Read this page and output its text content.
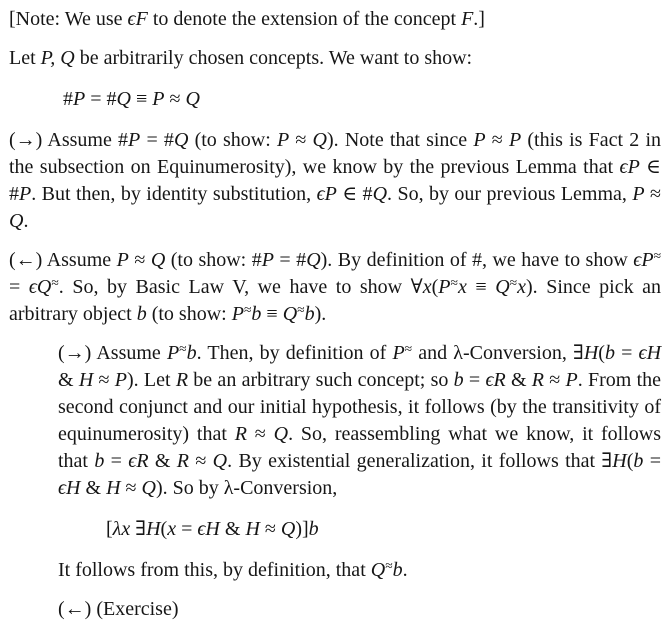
[Note: We use ϵF to denote the extension of the concept F.]

Let P, Q be arbitrarily chosen concepts. We want to show:

#P = #Q ≡ P ≈ Q

(→) Assume #P = #Q (to show: P ≈ Q). Note that since P ≈ P (this is Fact 2 in the subsection on Equinumerosity), we know by the previous Lemma that ϵP ∈ #P. But then, by identity substitution, ϵP ∈ #Q. So, by our previous Lemma, P ≈ Q.

(←) Assume P ≈ Q (to show: #P = #Q). By definition of #, we have to show ϵP≈ = ϵQ≈. So, by Basic Law V, we have to show ∀x(P≈x ≡ Q≈x). Since pick an arbitrary object b (to show: P≈b ≡ Q≈b).

(→) Assume P≈b. Then, by definition of P≈ and λ-Conversion, ∃H(b = ϵH & H ≈ P). Let R be an arbitrary such concept; so b = ϵR & R ≈ P. From the second conjunct and our initial hypothesis, it follows (by the transitivity of equinumerosity) that R ≈ Q. So, reassembling what we know, it follows that b = ϵR & R ≈ Q. By existential generalization, it follows that ∃H(b = ϵH & H ≈ Q). So by λ-Conversion,

[λx ∃H(x = ϵH & H ≈ Q)]b

It follows from this, by definition, that Q≈b.

(←) (Exercise)
